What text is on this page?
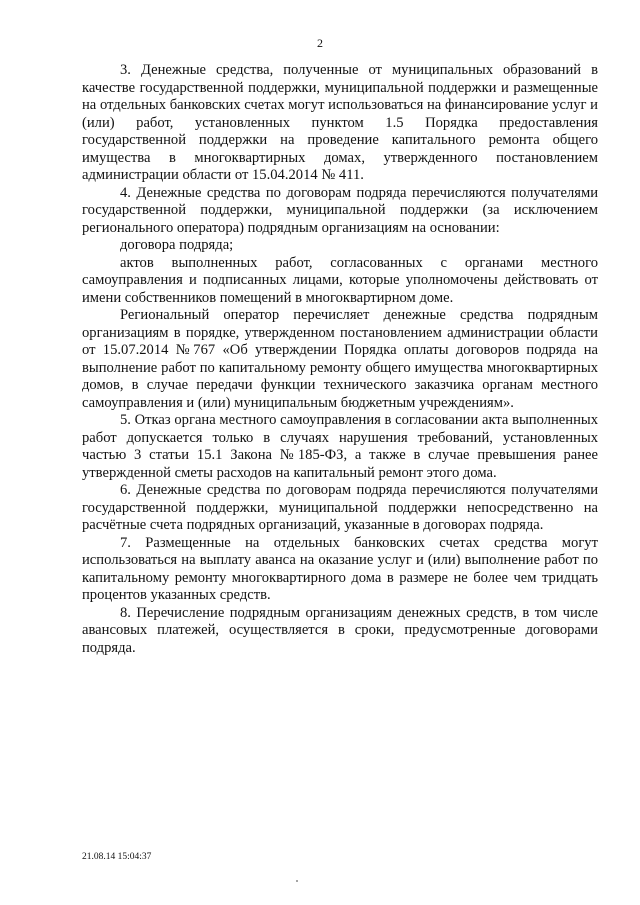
2

3. Денежные средства, полученные от муниципальных образований в качестве государственной поддержки, муниципальной поддержки и размещенные на отдельных банковских счетах могут использоваться на финансирование услуг и (или) работ, установленных пунктом 1.5 Порядка предоставления государственной поддержки на проведение капитального ремонта общего имущества в многоквартирных домах, утвержденного постановлением администрации области от 15.04.2014 № 411.

4. Денежные средства по договорам подряда перечисляются получателями государственной поддержки, муниципальной поддержки (за исключением регионального оператора) подрядным организациям на основании:

договора подряда;

актов выполненных работ, согласованных с органами местного самоуправления и подписанных лицами, которые уполномочены действовать от имени собственников помещений в многоквартирном доме.

Региональный оператор перечисляет денежные средства подрядным организациям в порядке, утвержденном постановлением администрации области от 15.07.2014 №767 «Об утверждении Порядка оплаты договоров подряда на выполнение работ по капитальному ремонту общего имущества многоквартирных домов, в случае передачи функции технического заказчика органам местного самоуправления и (или) муниципальным бюджетным учреждениям».

5. Отказ органа местного самоуправления в согласовании акта выполненных работ допускается только в случаях нарушения требований, установленных частью 3 статьи 15.1 Закона №185-ФЗ, а также в случае превышения ранее утвержденной сметы расходов на капитальный ремонт этого дома.

6. Денежные средства по договорам подряда перечисляются получателями государственной поддержки, муниципальной поддержки непосредственно на расчётные счета подрядных организаций, указанные в договорах подряда.

7. Размещенные на отдельных банковских счетах средства могут использоваться на выплату аванса на оказание услуг и (или) выполнение работ по капитальному ремонту многоквартирного дома в размере не более чем тридцать процентов указанных средств.

8. Перечисление подрядным организациям денежных средств, в том числе авансовых платежей, осуществляется в сроки, предусмотренные договорами подряда.

21.08.14 15:04:37
